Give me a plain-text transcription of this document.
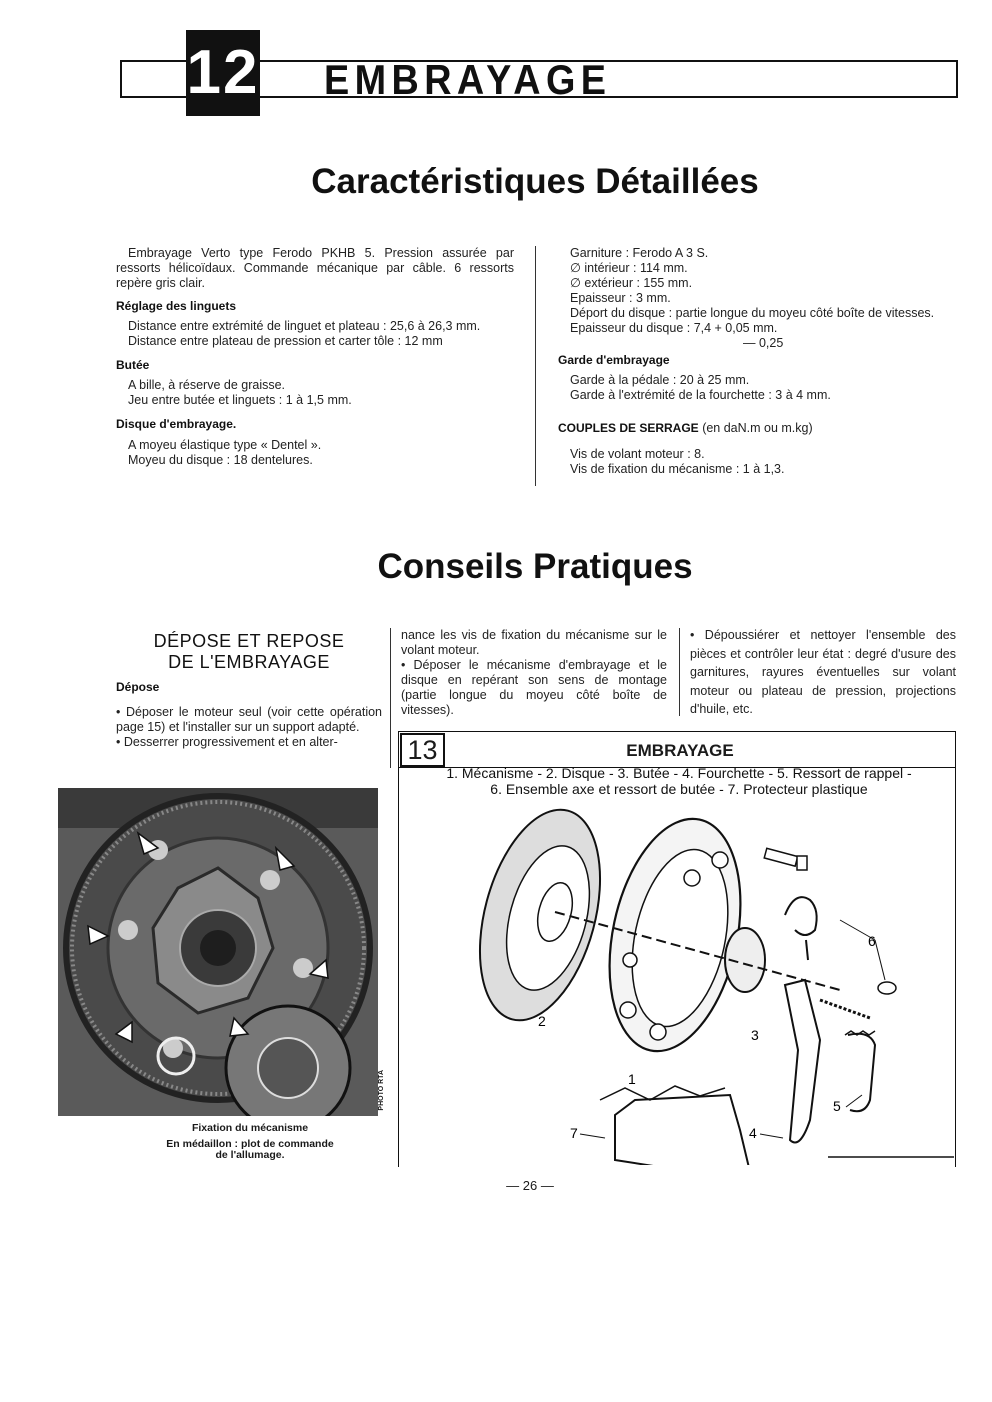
12 EMBRAYAGE
Caractéristiques Détaillées

Embrayage Verto type Ferodo PKHB 5. Pression assurée par ressorts hélicoïdaux. Commande mécanique par câble. 6 ressorts repère gris clair.

Réglage des linguets

Distance entre extrémité de linguet et plateau : 25,6 à 26,3 mm.

Distance entre plateau de pression et carter tôle : 12 mm

Butée

A bille, à réserve de graisse.

Jeu entre butée et linguets : 1 à 1,5 mm.

Disque d'embrayage.

A moyeu élastique type « Dentel ».

Moyeu du disque : 18 dentelures.

Garniture : Ferodo A 3 S.

∅ intérieur : 114 mm.

∅ extérieur : 155 mm.

Epaisseur : 3 mm.

Déport du disque : partie longue du moyeu côté boîte de vitesses.

Epaisseur du disque : 7,4 + 0,05 mm.

— 0,25

Garde d'embrayage

Garde à la pédale : 20 à 25 mm.

Garde à l'extrémité de la fourchette : 3 à 4 mm.

COUPLES DE SERRAGE (en daN.m ou m.kg)

Vis de volant moteur : 8.

Vis de fixation du mécanisme : 1 à 1,3.

Conseils Pratiques

DÉPOSE ET REPOSE

DE L'EMBRAYAGE

Dépose

• Déposer le moteur seul (voir cette opération page 15) et l'installer sur un support adapté.

• Desserrer progressivement et en alter-

nance les vis de fixation du mécanisme sur le volant moteur.

• Déposer le mécanisme d'embrayage et le disque en repérant son sens de montage (partie longue du moyeu côté boîte de vitesses).

• Dépoussiérer et nettoyer l'ensemble des pièces et contrôler leur état : degré d'usure des garnitures, rayures éventuelles sur volant moteur ou plateau de pression, projections d'huile, etc.

PHOTO RTA
Fixation du mécanisme
En médaillon : plot de commande
de l'allumage.
13	EMBRAYAGE
1. Mécanisme - 2. Disque - 3. Butée - 4. Fourchette - 5. Ressort de rappel -
6. Ensemble axe et ressort de butée - 7. Protecteur plastique
2
1
3
4
5
6
7
— 26 —
